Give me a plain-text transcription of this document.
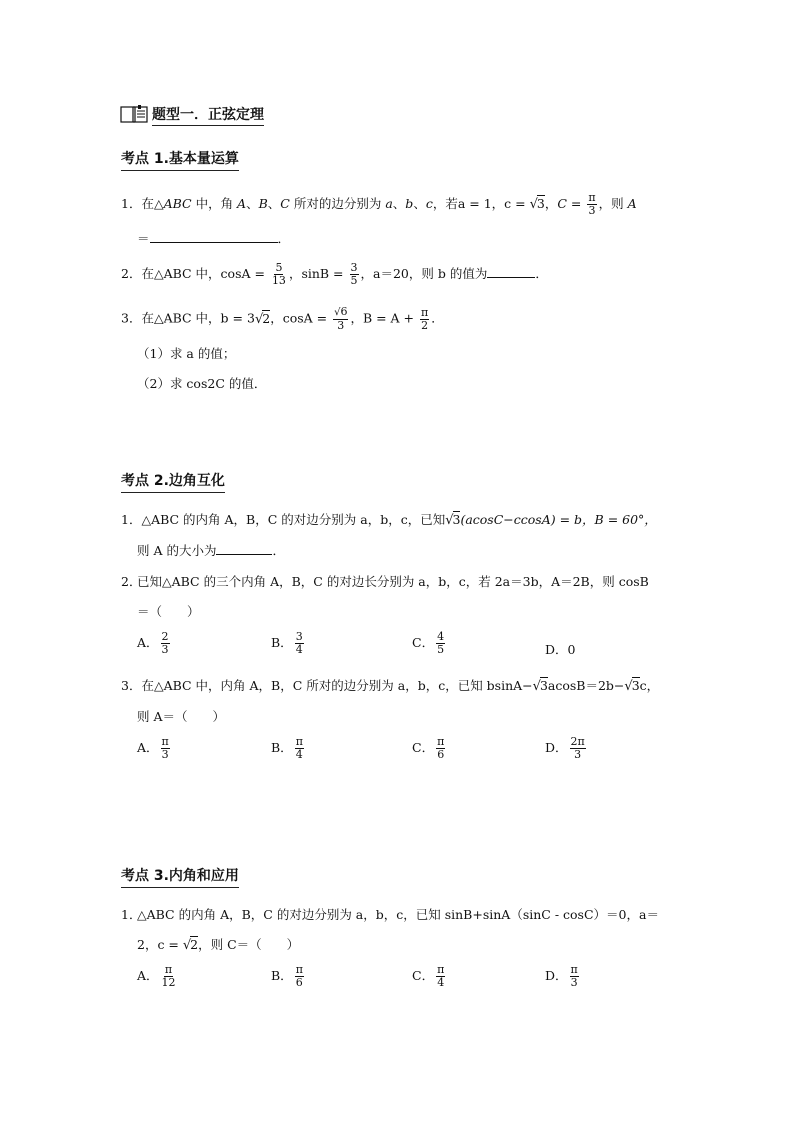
题型一．正弦定理
考点 1.基本量运算
1．在△ABC 中，角 A、B、C 所对的边分别为 a、b、c，若a = 1，c = √3，$C = \frac{\pi}{3}$ ，则 A
＝	．
2．在△ABC 中，$\cos A = \frac{5}{13}$ ，$\sin B = \frac{3}{5}$ ，a＝20，则 b 的值为	．
3．在△ABC 中，b = 3√2，$\cos A = \frac{√6}{3}$ ，$B = A + \frac{\pi}{2}$ ．
（1）求 a 的值；
（2）求 cos2C 的值．
考点 2.边角互化
1．△ABC 的内角 A，B，C 的对边分别为 a，b，c，已知√3(acosC−ccosA) = b，B = 60°，
则 A 的大小为	．
已知△ABC 的三个内角 A，B，C 的对边长分别为 a，b，c，若 2a＝3b，A＝2B，则 cosB
2．
＝（　　）
A． $\frac{2}{3}$	B． $\frac{3}{4}$	C． $\frac{4}{5}$	D．0
3．在△ABC 中，内角 A，B，C 所对的边分别为 a，b，c，已知 bsinA−√3acosB＝2b−√3c，
则 A＝（　　）
A． $\frac{\pi}{3}$	B． $\frac{\pi}{4}$	C． $\frac{\pi}{6}$	D． $\frac{2\pi}{3}$
考点 3.内角和应用
1．
△ABC 的内角 A，B，C 的对边分别为 a，b，c，已知 sinB+sinA（sinC - cosC）＝0，a＝
2，c = √2，则 C＝（　　）
A． $\frac{\pi}{12}$	B． $\frac{\pi}{6}$	C． $\frac{\pi}{4}$	D． $\frac{\pi}{3}$
